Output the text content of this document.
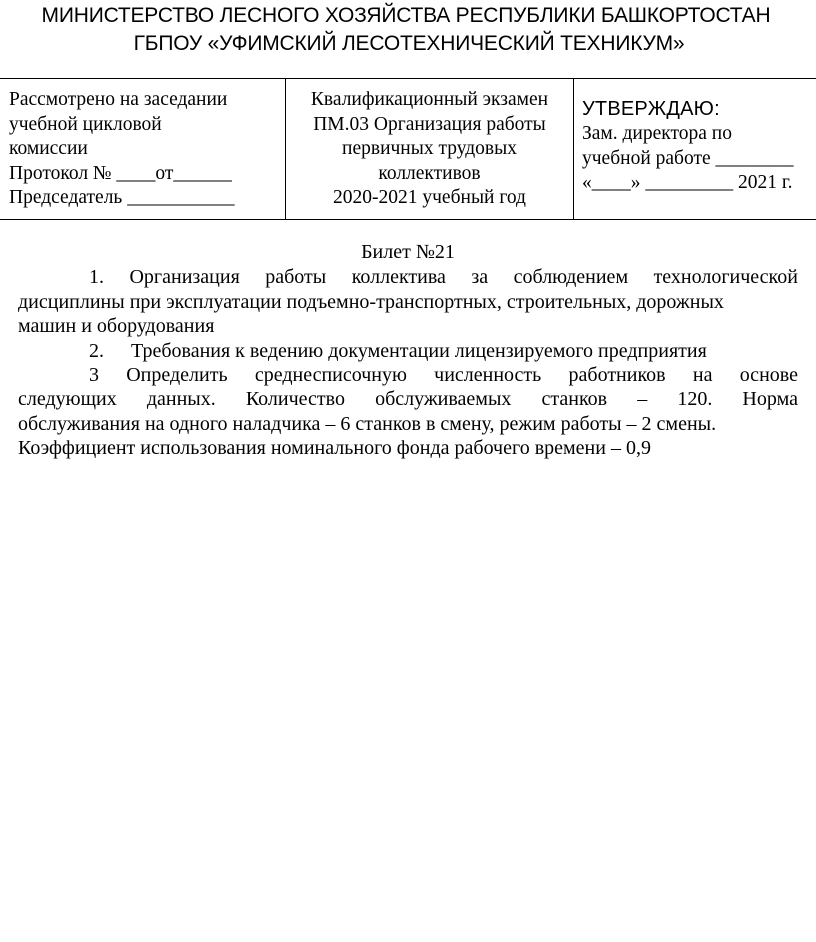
МИНИСТЕРСТВО ЛЕСНОГО ХОЗЯЙСТВА РЕСПУБЛИКИ БАШКОРТОСТАН
ГБПОУ «УФИМСКИЙ ЛЕСОТЕХНИЧЕСКИЙ ТЕХНИКУМ»
Рассмотрено на заседании
учебной цикловой
комиссии
Протокол № ____от______
Председатель ___________
Квалификационный экзамен
ПМ.03 Организация работы
первичных трудовых
коллективов
2020-2021 учебный год
УТВЕРЖДАЮ:
Зам. директора по
учебной работе ________
«____» _________ 2021 г.
Билет №21
1. Организация работы коллектива за соблюдением технологической
дисциплины при эксплуатации подъемно-транспортных, строительных, дорожных
машин и оборудования
2. Требования к ведению документации лицензируемого предприятия
3 Определить среднесписочную численность работников на основе
следующих данных. Количество обслуживаемых станков – 120. Норма
обслуживания на одного наладчика – 6 станков в смену, режим работы – 2 смены.
Коэффициент использования номинального фонда рабочего времени – 0,9
